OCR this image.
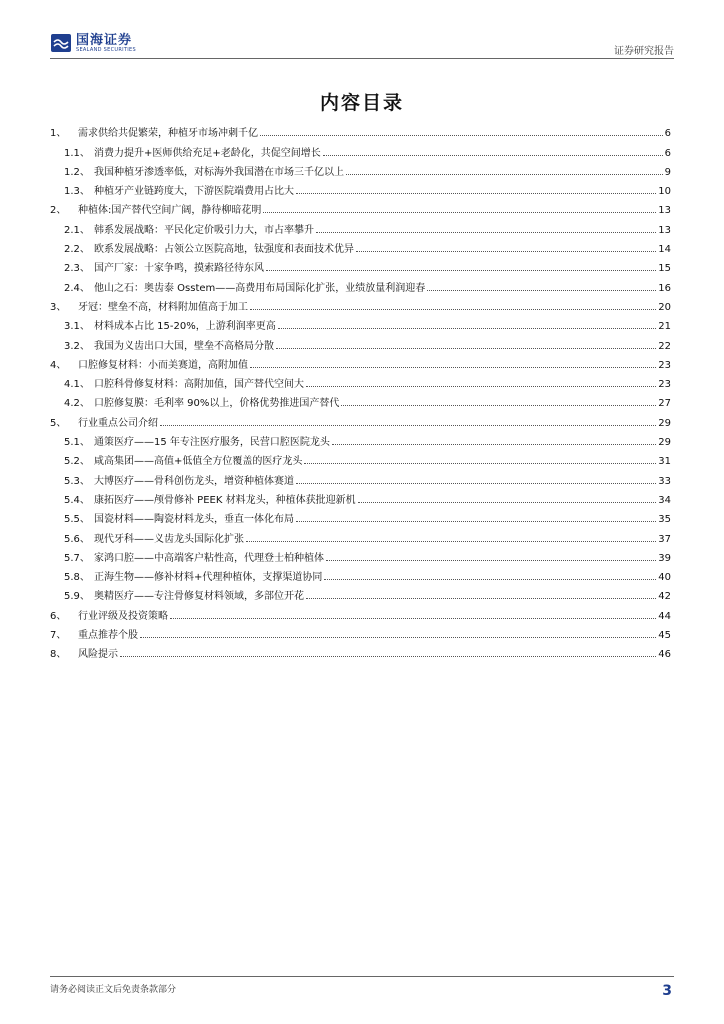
国海证券
SEALAND SECURITIES	证券研究报告
内容目录
1、	需求供给共促繁荣，种植牙市场冲刺千亿	6
1.1、 消费力提升+医师供给充足+老龄化，共促空间增长	6
1.2、 我国种植牙渗透率低，对标海外我国潜在市场三千亿以上	9
1.3、 种植牙产业链跨度大，下游医院端费用占比大	10
2、	种植体:国产替代空间广阔，静待柳暗花明	13
2.1、 韩系发展战略：平民化定价吸引力大，市占率攀升	13
2.2、 欧系发展战略：占领公立医院高地，钛强度和表面技术优异	14
2.3、 国产厂家：十家争鸣，摸索路径待东风	15
2.4、 他山之石：奥齿泰 Osstem——高费用布局国际化扩张，业绩放量利润迎春	16
3、	牙冠：壁垒不高，材料附加值高于加工	20
3.1、 材料成本占比 15-20%，上游利润率更高	21
3.2、 我国为义齿出口大国，壁垒不高格局分散	22
4、	口腔修复材料：小而美赛道，高附加值	23
4.1、 口腔科骨修复材料：高附加值，国产替代空间大	23
4.2、 口腔修复膜：毛利率 90%以上，价格优势推进国产替代	27
5、	行业重点公司介绍	29
5.1、 通策医疗——15 年专注医疗服务，民营口腔医院龙头	29
5.2、 咸高集团——高值+低值全方位覆盖的医疗龙头	31
5.3、 大博医疗——骨科创伤龙头，增资种植体赛道	33
5.4、 康拓医疗——颅骨修补 PEEK 材料龙头，种植体获批迎新机	34
5.5、 国瓷材料——陶瓷材料龙头，垂直一体化布局	35
5.6、 现代牙科——义齿龙头国际化扩张	37
5.7、 家鸿口腔——中高端客户粘性高，代理登士柏种植体	39
5.8、 正海生物——修补材料+代理种植体，支撑渠道协同	40
5.9、 奥精医疗——专注骨修复材料领域，多部位开花	42
6、	行业评级及投资策略	44
7、	重点推荐个股	45
8、	风险提示	46
请务必阅读正文后免责条款部分	3
